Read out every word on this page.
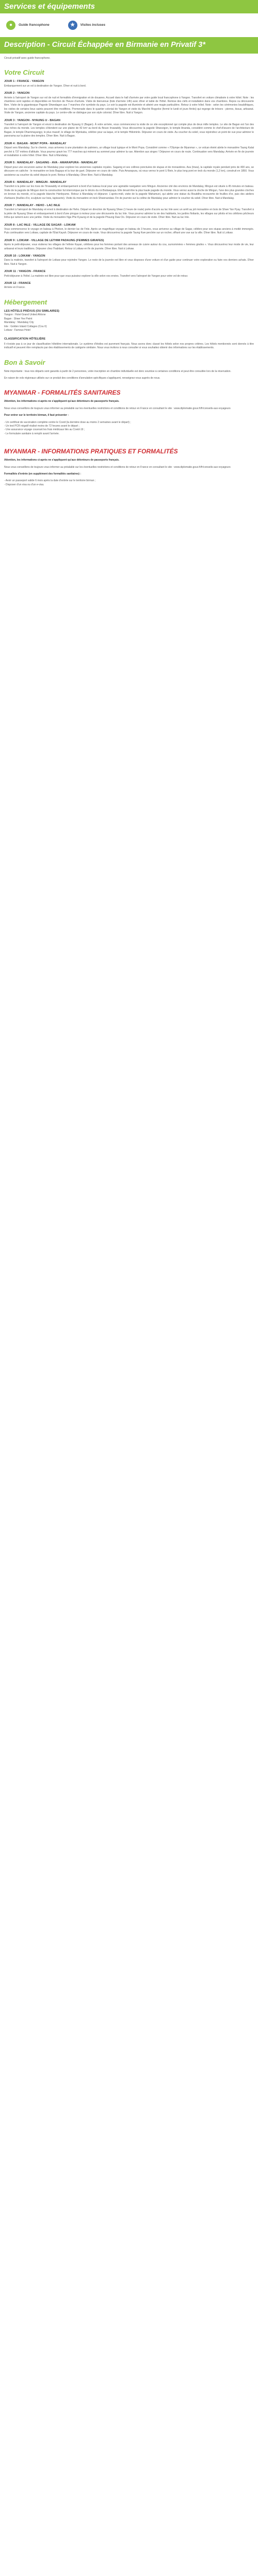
Services et équipements
●	Guide francophone	★	Visites incluses
Description - Circuit Échappée en Birmanie en Privatif 3*
Circuit privatif avec guide francophone.
Votre Circuit
JOUR 1 : FRANCE - YANGON
Embarquement sur un vol à destination de Yangon. Dîner et nuit à bord.
JOUR 2 : YANGON
Arrivée à l'aéroport de Yangon sur vol de nuit et formalités d'immigration et de douanes. Accueil dans le hall d'arrivée par votre guide local francophone à Yangon. Transfert en voiture climatisée à votre hôtel. Note : les chambres sont rapides et disponibles en fonction de l'heure d'arrivée. Visite de bienvenue (liste d'arrivée 14h) avec dîner et table de l'hôtel. Remise des clefs et installation dans vos chambres. Repos ou découverte libre. Visite de la gigantesque Pagode Shwedagon aux 7 marches d'or symbole du pays. Le soir la pagode est illuminée et atteint une magie particulière. Retour à votre hôtel. Note : selon les cérémonies bouddhiques, les visites de certains lieux saints peuvent être modifiées. Promenade dans le quartier colonial de Yangon et visite du Marché Bogyoke (fermé le lundi et jours fériés) qui regorge de trésors : pierres, tissus, artisanat. Visite de Yangon, ancienne capitale du pays. Le centre-ville se distingue par son style colonial. Dîner libre. Nuit à Yangon.
JOUR 3 : YANGON - NYAUNG U - BAGAN
Transfert à l'aéroport de Yangon et envol à destination de Nyaung U (Bagan). À votre arrivée, vous commencerez la visite de ce site exceptionnel qui compte plus de deux mille temples. Le site de Bagan est l'un des plus riches du monde. Les temples s'étendent sur une plaine de 42 km² au bord du fleuve Irrawaddy. Vous découvrirez la pagode Shwezigon, le temple Ananda, considéré comme le chef-d'œuvre de l'architecture de Bagan, le temple Dhammayangyi, le plus massif, le village de Myinkaba, célèbre pour sa laque, et le temple Htilominlo. Déjeuner en cours de visite. Au coucher du soleil, vous rejoindrez un point de vue pour admirer le panorama sur la plaine des temples. Dîner libre. Nuit à Bagan.
JOUR 4 : BAGAN - MONT POPA - MANDALAY
Départ vers Mandalay. Sur le chemin, vous arriverez à une plantation de palmiers, un village local typique et le Mont Popa. Considéré comme « l'Olympe de Myanmar », ce volcan éteint abrite le monastère Taung Kalat perché à 737 mètres d'altitude. Vous pourrez gravir les 777 marches qui mènent au sommet pour admirer la vue. Attention aux singes ! Déjeuner en cours de route. Continuation vers Mandalay. Arrivée en fin de journée et installation à votre hôtel. Dîner libre. Nuit à Mandalay.
JOUR 5 : MANDALAY - SAGAING - AVA - AMARAPURA - MANDALAY
Départ pour une excursion autour de Mandalay pour explorer les anciennes capitales royales. Sagaing et ses collines ponctuées de stupas et de monastères. Ava (Inwa), la capitale royale pendant près de 400 ans, se découvre en calèche : le monastère en bois Bagaya et la tour de guet. Déjeuner en cours de visite. Puis Amarapura, où vous verrez le pont U Bein, le plus long pont en teck du monde (1,2 km), construit en 1850. Vous assisterez au coucher du soleil depuis le pont. Retour à Mandalay. Dîner libre. Nuit à Mandalay.
JOUR 6 : MANDALAY - MINGUN - MANDALAY
Transfert à la jetée sur les rives de l'Irrawaddy et embarquement à bord d'un bateau local pour une agréable navigation vers Mingun. Ancienne cité des environs de Mandalay, Mingun est située à 45 minutes en bateau. Visite de la pagode de Mingun dont la construction fut interrompue par le décès du roi Bodawpaya. Elle devait être la plus haute pagode du monde. Vous verrez aussi la cloche de Mingun, l'une des plus grandes cloches en bronze du monde, et la pagode blanche Hsinbyume. Retour à Mandalay et déjeuner. L'après-midi, visite de la pagode Mahamuni, qui abrite une statue du Bouddha recouverte de feuilles d'or, puis des ateliers d'artisans (feuilles d'or, sculpture sur bois, tapisserie). Visite du monastère en teck Shwenandaw. Fin de journée sur la colline de Mandalay pour admirer le coucher du soleil. Dîner libre. Nuit à Mandalay.
JOUR 7 : MANDALAY - HEHO - LAC INLE
Transfert à l'aéroport de Mandalay et envol à destination de Heho. Départ en direction de Nyaung Shwe (1 heure de route) porte d'accès au lac Inle avec un arrêt au joli monastère en bois de Shwe Yan Pyay. Transfert à la jetée de Nyaung Shwe et embarquement à bord d'une pirogue à moteur pour une découverte du lac Inle. Vous pourrez admirer la vie des habitants, les jardins flottants, les villages sur pilotis et les célèbres pêcheurs Intha qui rament avec une jambe. Visite du monastère Nga Phe Kyaung et de la pagode Phaung Daw Oo. Déjeuner en cours de visite. Dîner libre. Nuit au lac Inle.
JOUR 8 : LAC INLE - VILLAGE DE SAGAR - LOIKAW
Vous commencerez le voyage en bateau à Phekon, le dernier lac de l'Inle. Après un magnifique voyage en bateau de 3 heures, vous arriverez au village de Sagar, célèbre pour ses stupas anciens à moitié immergés. Puis continuation vers Loikaw, capitale de l'État Kayah. Déjeuner en cours de route. Vous découvrirez la pagode Taung Kwe perchée sur un rocher, offrant une vue sur la ville. Dîner libre. Nuit à Loikaw.
JOUR 9 : LOIKAW - VILLAGE DE LETHMI PADAUNG (FEMMES GIRAFES)
Après le petit-déjeuner, vous visiterez les villages de l'ethnie Kayan, célèbres pour les femmes portant des anneaux de cuivre autour du cou, surnommées « femmes girafes ». Vous découvrirez leur mode de vie, leur artisanat et leurs traditions. Déjeuner chez l'habitant. Retour à Loikaw en fin de journée. Dîner libre. Nuit à Loikaw.
JOUR 10 : LOIKAW - YANGON
Dans la matinée, transfert à l'aéroport de Loikaw pour rejoindre Yangon. Le reste de la journée est libre et vous disposez d'une voiture et d'un guide pour continuer votre exploration ou faire vos derniers achats. Dîner libre. Nuit à Yangon.
JOUR 11 : YANGON - FRANCE
Petit-déjeuner à l'hôtel. La matinée est libre pour que vous puissiez explorer la ville selon vos envies. Transfert vers l'aéroport de Yangon pour votre vol de retour.
JOUR 12 : FRANCE
Arrivée en France.
Hébergement
LES HÔTELS PRÉVUS (OU SIMILAIRES)
Yangon : Hotel Grand United Ahlone
Bagan : Shwe Yee Pwint
Mandalay : Mandalay City
Inle : Golden Island Cottages (Cou II)
Loikaw : Famous Hotel
CLASSIFICATION HÔTELIÈRE
Il n'existe pas à ce jour de classification hôtelière internationale. Le système d'étoiles est purement français. Nous avons donc classé les hôtels selon nos propres critères. Les hôtels mentionnés sont donnés à titre indicatif et peuvent être remplacés par des établissements de catégorie similaire. Nous vous invitons à nous consulter si vous souhaitez obtenir des informations sur les établissements.
Bon à Savoir
Note importante : tous nos départs sont garantis à partir de 2 personnes, votre inscription en chambre individuelle est donc soumise à certaines conditions et peut être consultée lors de la réservation.
En raison de vols régionaux utilisés sur ce produit des conditions d'annulation spécifiques s'appliquent, renseignez-vous auprès de nous.
MYANMAR - FORMALITÉS SANITAIRES
Attention, les informations ci-après ne s'appliquent qu'aux détenteurs de passeports français.
Nous vous conseillons de toujours vous informer au préalable sur les éventuelles restrictions et conditions de retour en France en consultant le site : www.diplomatie.gouv.fr/fr/conseils-aux-voyageurs
Pour entrer sur le territoire birman, il faut présenter :
- Un certificat de vaccination complète contre le Covid (la dernière dose au moins 2 semaines avant le départ) ;
- Un test PCR négatif réalisé moins de 72 heures avant le départ ;
- Une assurance voyage couvrant les frais médicaux liés au Covid-19 ;
- Le formulaire sanitaire à remplir avant l'arrivée.
MYANMAR - INFORMATIONS PRATIQUES ET FORMALITÉS
Attention, les informations ci-après ne s'appliquent qu'aux détenteurs de passeports français.
Nous vous conseillons de toujours vous informer au préalable sur les éventuelles restrictions et conditions de retour en France en consultant le site : www.diplomatie.gouv.fr/fr/conseils-aux-voyageurs
Formalités d'entrée (en supplément des formalités sanitaires) :
- Avoir un passeport valide 6 mois après la date d'entrée sur le territoire birman ;
- Disposer d'un visa ou d'un e-visa.
